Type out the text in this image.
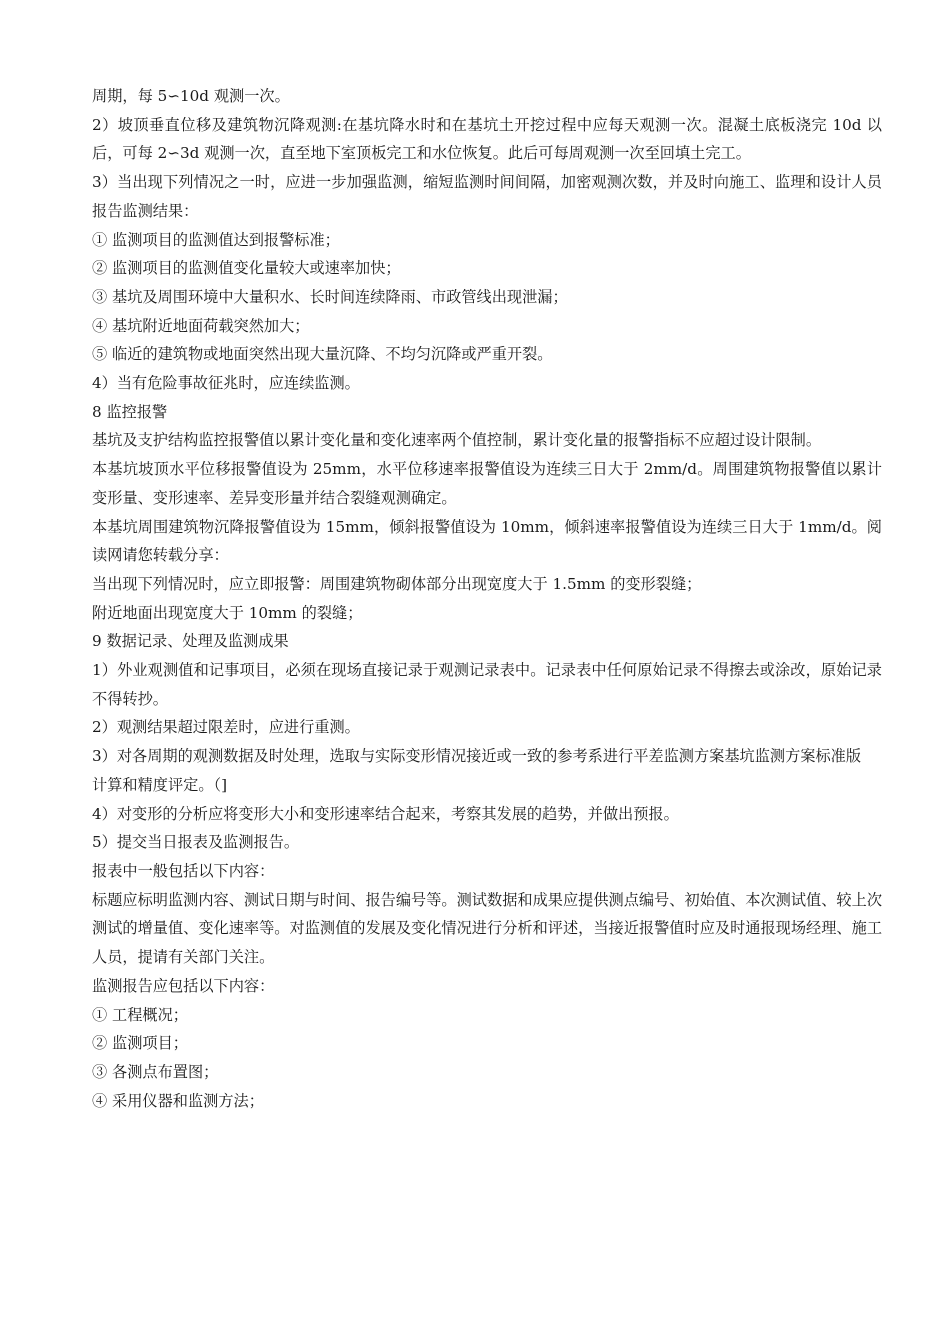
周期，每 5∽10d 观测一次。

2）坡顶垂直位移及建筑物沉降观测:在基坑降水时和在基坑土开挖过程中应每天观测一次。混凝土底板浇完 10d 以后，可每 2∽3d 观测一次，直至地下室顶板完工和水位恢复。此后可每周观测一次至回填土完工。

3）当出现下列情况之一时，应进一步加强监测，缩短监测时间间隔，加密观测次数，并及时向施工、监理和设计人员报告监测结果：

① 监测项目的监测值达到报警标准；

② 监测项目的监测值变化量较大或速率加快；

③ 基坑及周围环境中大量积水、长时间连续降雨、市政管线出现泄漏；

④ 基坑附近地面荷载突然加大；

⑤ 临近的建筑物或地面突然出现大量沉降、不均匀沉降或严重开裂。

4）当有危险事故征兆时，应连续监测。

8 监控报警

基坑及支护结构监控报警值以累计变化量和变化速率两个值控制，累计变化量的报警指标不应超过设计限制。

本基坑坡顶水平位移报警值设为 25mm，水平位移速率报警值设为连续三日大于 2mm/d。周围建筑物报警值以累计变形量、变形速率、差异变形量并结合裂缝观测确定。

本基坑周围建筑物沉降报警值设为 15mm，倾斜报警值设为 10mm，倾斜速率报警值设为连续三日大于 1mm/d。阅读网请您转载分享：

当出现下列情况时，应立即报警：周围建筑物砌体部分出现宽度大于 1.5mm 的变形裂缝；

附近地面出现宽度大于 10mm 的裂缝；

9 数据记录、处理及监测成果

1）外业观测值和记事项目，必须在现场直接记录于观测记录表中。记录表中任何原始记录不得擦去或涂改，原始记录不得转抄。

2）观测结果超过限差时，应进行重测。

3）对各周期的观测数据及时处理，选取与实际变形情况接近或一致的参考系进行平差监测方案基坑监测方案标准版

计算和精度评定。（]

4）对变形的分析应将变形大小和变形速率结合起来，考察其发展的趋势，并做出预报。

5）提交当日报表及监测报告。

报表中一般包括以下内容：

标题应标明监测内容、测试日期与时间、报告编号等。测试数据和成果应提供测点编号、初始值、本次测试值、较上次测试的增量值、变化速率等。对监测值的发展及变化情况进行分析和评述，当接近报警值时应及时通报现场经理、施工人员，提请有关部门关注。

监测报告应包括以下内容：

① 工程概况；

② 监测项目；

③ 各测点布置图；

④ 采用仪器和监测方法；
